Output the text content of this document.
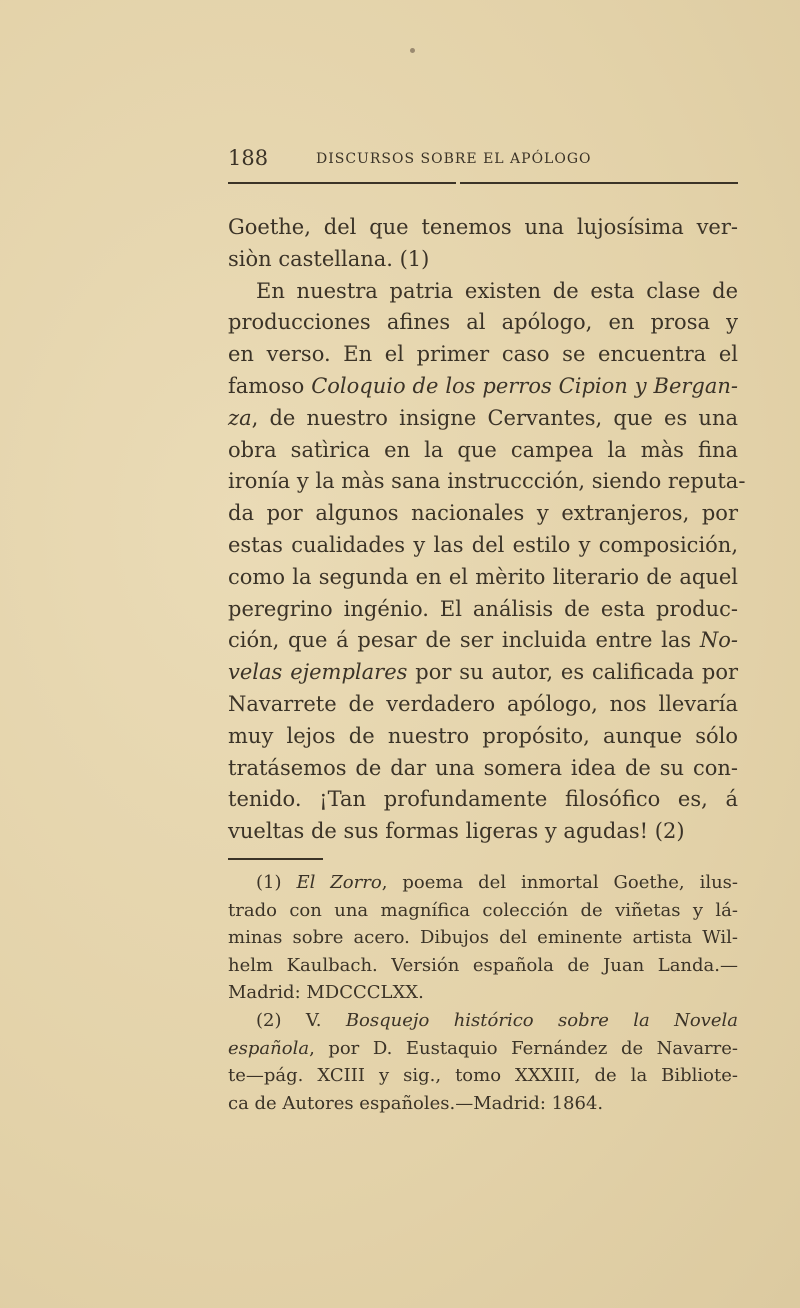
188	DISCURSOS SOBRE EL APÓLOGO
Goethe, del que tenemos una lujosísima ver-
siòn castellana. (1)
En nuestra patria existen de esta clase de
producciones afines al apólogo, en prosa y
en verso. En el primer caso se encuentra el
famoso Coloquio de los perros Cipion y Bergan-
za, de nuestro insigne Cervantes, que es una
obra satìrica en la que campea la màs fina
ironía y la màs sana instruccción, siendo reputa-
da por algunos nacionales y extranjeros, por
estas cualidades y las del estilo y composición,
como la segunda en el mèrito literario de aquel
peregrino ingénio. El análisis de esta produc-
ción, que á pesar de ser incluida entre las No-
velas ejemplares por su autor, es calificada por
Navarrete de verdadero apólogo, nos llevaría
muy lejos de nuestro propósito, aunque sólo
tratásemos de dar una somera idea de su con-
tenido. ¡Tan profundamente filosófico es, á
vueltas de sus formas ligeras y agudas! (2)
(1) El Zorro, poema del inmortal Goethe, ilus-
trado con una magnífica colección de viñetas y lá-
minas sobre acero. Dibujos del eminente artista Wil-
helm Kaulbach. Versión española de Juan Landa.—
Madrid: MDCCCLXX.
(2) V. Bosquejo histórico sobre la Novela
española, por D. Eustaquio Fernández de Navarre-
te—pág. XCIII y sig., tomo XXXIII, de la Bibliote-
ca de Autores españoles.—Madrid: 1864.
